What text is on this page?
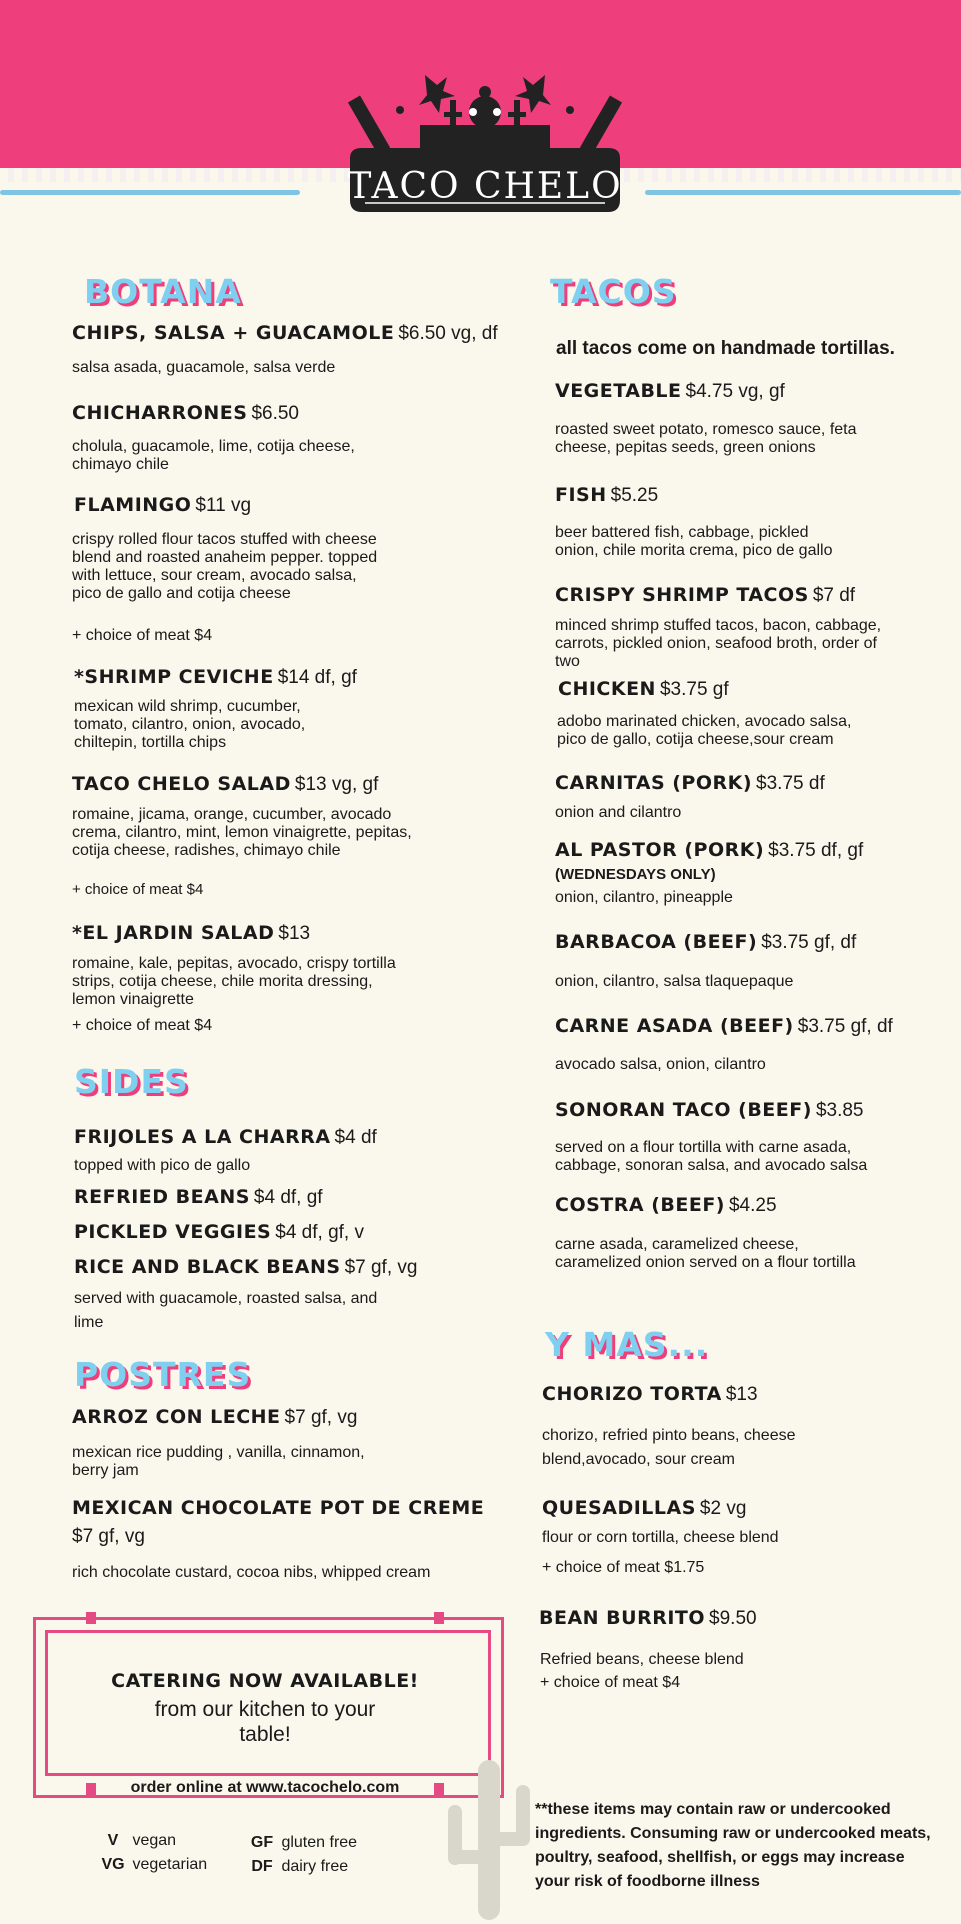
TACO CHELO
BOTANA
CHIPS, SALSA + GUACAMOLE $6.50 vg, df
salsa asada, guacamole, salsa verde
CHICHARRONES $6.50
cholula, guacamole, lime, cotija cheese,
chimayo chile
FLAMINGO $11 vg
crispy rolled flour tacos stuffed with cheese
blend and roasted anaheim pepper. topped
with lettuce, sour cream, avocado salsa,
pico de gallo and cotija cheese
+ choice of meat $4
*SHRIMP CEVICHE $14 df, gf
mexican wild shrimp, cucumber,
tomato, cilantro, onion, avocado,
chiltepin, tortilla chips
TACO CHELO SALAD $13 vg, gf
romaine, jicama, orange, cucumber, avocado
crema, cilantro, mint, lemon vinaigrette, pepitas,
cotija cheese, radishes, chimayo chile
+ choice of meat $4
*EL JARDIN SALAD $13
romaine, kale, pepitas, avocado, crispy tortilla
strips, cotija cheese, chile morita dressing,
lemon vinaigrette
+ choice of meat $4
SIDES
FRIJOLES A LA CHARRA $4 df
topped with pico de gallo
REFRIED BEANS $4 df, gf
PICKLED VEGGIES $4 df, gf, v
RICE AND BLACK BEANS $7 gf, vg
served with guacamole, roasted salsa, and
lime
POSTRES
ARROZ CON LECHE $7 gf, vg
mexican rice pudding , vanilla, cinnamon,
berry jam
MEXICAN CHOCOLATE POT DE CREME
$7 gf, vg
rich chocolate custard, cocoa nibs, whipped cream
CATERING NOW AVAILABLE!
from our kitchen to your
table!
order online at www.tacochelo.com
V vegan
VG vegetarian
GF gluten free
DF dairy free
TACOS
all tacos come on handmade tortillas.
VEGETABLE $4.75 vg, gf
roasted sweet potato, romesco sauce, feta
cheese, pepitas seeds, green onions
FISH $5.25
beer battered fish, cabbage, pickled
onion, chile morita crema, pico de gallo
CRISPY SHRIMP TACOS $7 df
minced shrimp stuffed tacos, bacon, cabbage,
carrots, pickled onion, seafood broth, order of
two
CHICKEN $3.75 gf
adobo marinated chicken, avocado salsa,
pico de gallo, cotija cheese,sour cream
CARNITAS (PORK) $3.75 df
onion and cilantro
AL PASTOR (PORK) $3.75 df, gf
(WEDNESDAYS ONLY)
onion, cilantro, pineapple
BARBACOA (BEEF) $3.75 gf, df
onion, cilantro, salsa tlaquepaque
CARNE ASADA (BEEF) $3.75 gf, df
avocado salsa, onion, cilantro
SONORAN TACO (BEEF) $3.85
served on a flour tortilla with carne asada,
cabbage, sonoran salsa, and avocado salsa
COSTRA (BEEF) $4.25
carne asada, caramelized cheese,
caramelized onion served on a flour tortilla
Y MAS...
CHORIZO TORTA $13
chorizo, refried pinto beans, cheese
blend,avocado, sour cream
QUESADILLAS $2 vg
flour or corn tortilla, cheese blend
+ choice of meat $1.75
BEAN BURRITO $9.50
Refried beans, cheese blend
+ choice of meat $4
**these items may contain raw or undercooked ingredients. Consuming raw or undercooked meats, poultry, seafood, shellfish, or eggs may increase your risk of foodborne illness
